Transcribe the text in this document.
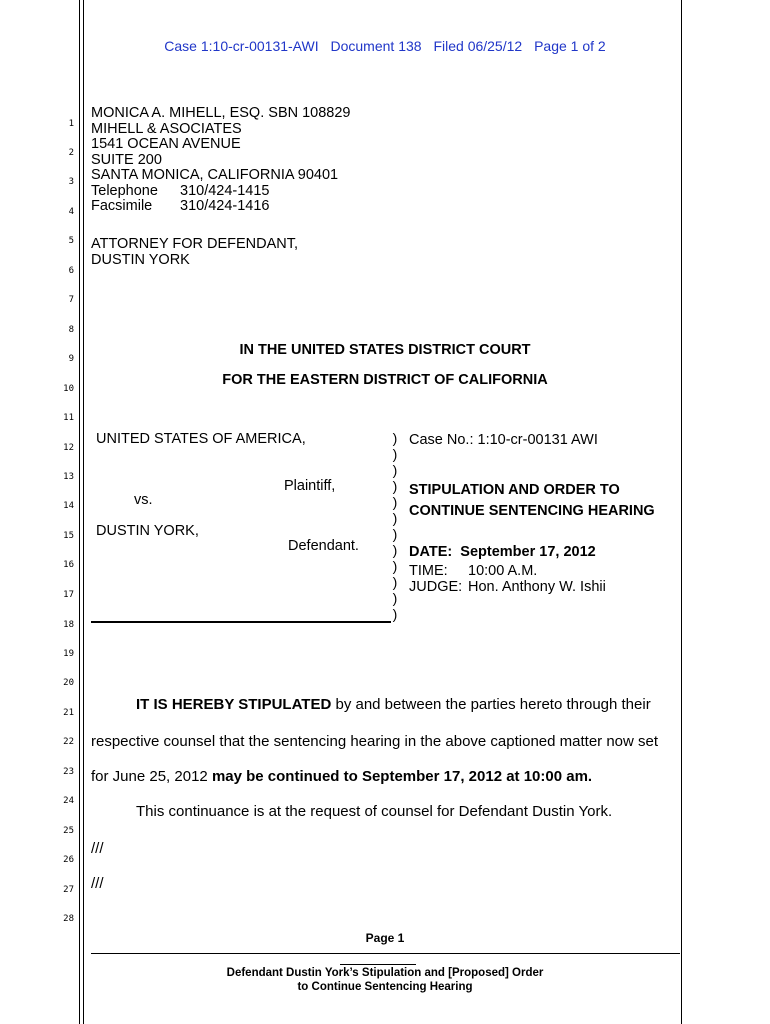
Case 1:10-cr-00131-AWI Document 138 Filed 06/25/12 Page 1 of 2
1
2
3
4
5
6
7
8
9
10
11
12
13
14
15
16
17
18
19
20
21
22
23
24
25
26
27
28
MONICA A. MIHELL, ESQ. SBN 108829
MIHELL & ASOCIATES
1541 OCEAN AVENUE
SUITE 200
SANTA MONICA, CALIFORNIA 90401
Telephone 310/424-1415
Facsimile 310/424-1416
ATTORNEY FOR DEFENDANT,
DUSTIN YORK
IN THE UNITED STATES DISTRICT COURT
FOR THE EASTERN DISTRICT OF CALIFORNIA
UNITED STATES OF AMERICA,
Plaintiff,
vs.
DUSTIN YORK,
Defendant.
)
)
)
)
)
)
)
)
)
)
)
)
Case No.: 1:10-cr-00131 AWI
STIPULATION AND ORDER TO
CONTINUE SENTENCING HEARING
DATE: September 17, 2012
TIME: 10:00 A.M.
JUDGE: Hon. Anthony W. Ishii
IT IS HEREBY STIPULATED by and between the parties hereto through their
respective counsel that the sentencing hearing in the above captioned matter now set
for June 25, 2012 may be continued to September 17, 2012 at 10:00 am.
This continuance is at the request of counsel for Defendant Dustin York.
///
///
Page 1
Defendant Dustin York’s Stipulation and [Proposed] Order
to Continue Sentencing Hearing
